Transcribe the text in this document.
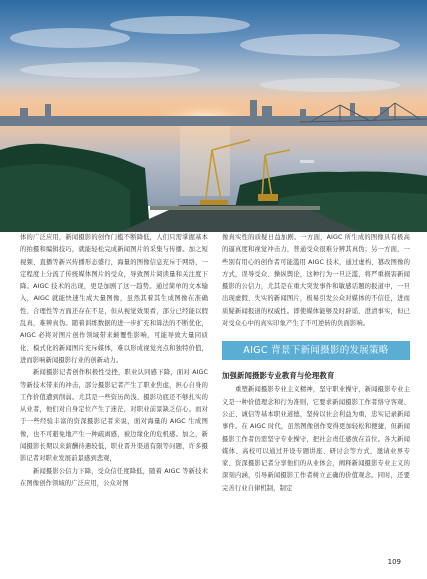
体的广泛应用，新闻摄影的创作门槛不断降低，人们只需掌握基本的拍摄和编辑技巧，就能轻松完成新闻图片的采集与传播。加之短视频、直播等新兴传播形态盛行，海量的图像信息充斥于网络，一定程度上分流了传统媒体图片的受众，导致图片阅读量和关注度下降。AIGC 技术的出现，更是加剧了这一趋势。通过简单的文本输入，AIGC 就能快速生成大量图像，虽然其着其生成图像在准确性、合理性等方面还存在不足，但从视觉效果看，部分已经能以假乱真，难辨真伪。随着训练数据的进一步扩充和算法的不断优化，AIGC 必将对图片创作领域带来颠覆性影响，可能导致大量同质化、模式化的新闻图片充斥媒体，难以形成视觉亮点和独特价值，进而影响新闻摄影行业的创新动力。

新闻摄影记者创作积极性受挫，职业认同感下降，面对 AIGC 等新技术带来的冲击，部分摄影记者产生了职业焦虑，担心自身的工作价值遭到削弱。尤其是一些资历尚浅、摄影功底还不够扎实的从业者，他们对自身定位产生了迷茫，对职业前景缺乏信心。而对于一些经验丰富的资深摄影记者来说，面对海量的 AIGC 生成图像，也不可避免地产生一种疏离感，被边缘化的危机感。加之，新闻摄影长期以来薪酬待遇较低，职业晋升渠道有限等问题，许多摄影记者对职业发展前景感到悲观，

新闻摄影公信力下降，受众信任度降低，随着 AIGC 等新技术在图像创作领域的广泛应用，公众对图

像真实性的质疑日益加剧。一方面，AIGC 所生成的图像具有极高的逼真度和视觉冲击力，普通受众很难分辨其真伪；另一方面，一些别有用心的创作者可能滥用 AIGC 技术，通过虚构、篡改图像的方式，误导受众、操纵舆论，这种行为一旦泛滥，将严重损害新闻摄影的公信力，尤其是在重大突发事件和敏感话题的报道中，一旦出现虚假、失实的新闻图片，极易引发公众对媒体的不信任，进而质疑新闻报道的权威性。即使媒体能够及时辟谣、澄清事实，但已对受众心中的真实印象产生了不可逆转的负面影响。

AIGC 背景下新闻摄影的发展策略
加强新闻摄影专业教育与伦理教育

重塑新闻摄影专业主义精神，坚守职业操守，新闻摄影专业主义是一种价值理念和行为准则，它要求新闻摄影工作者恪守客观、公正、诚信等基本职业道德，坚持以社会利益为重，忠实记录新闻事件。在 AIGC 时代，虽然图像创作变得更加轻松和便捷，但新闻摄影工作者仍需坚守专业操守，把社会责任感放在首位。各大新闻媒体、高校可以通过开设专题讲座、研讨会等方式，邀请业界专家、资深摄影记者分享他们的从业体会，阐释新闻摄影专业主义的深刻内涵，引导新闻摄影工作者树立正确的价值观念。同时，还要完善行业自律机制，制定

109
